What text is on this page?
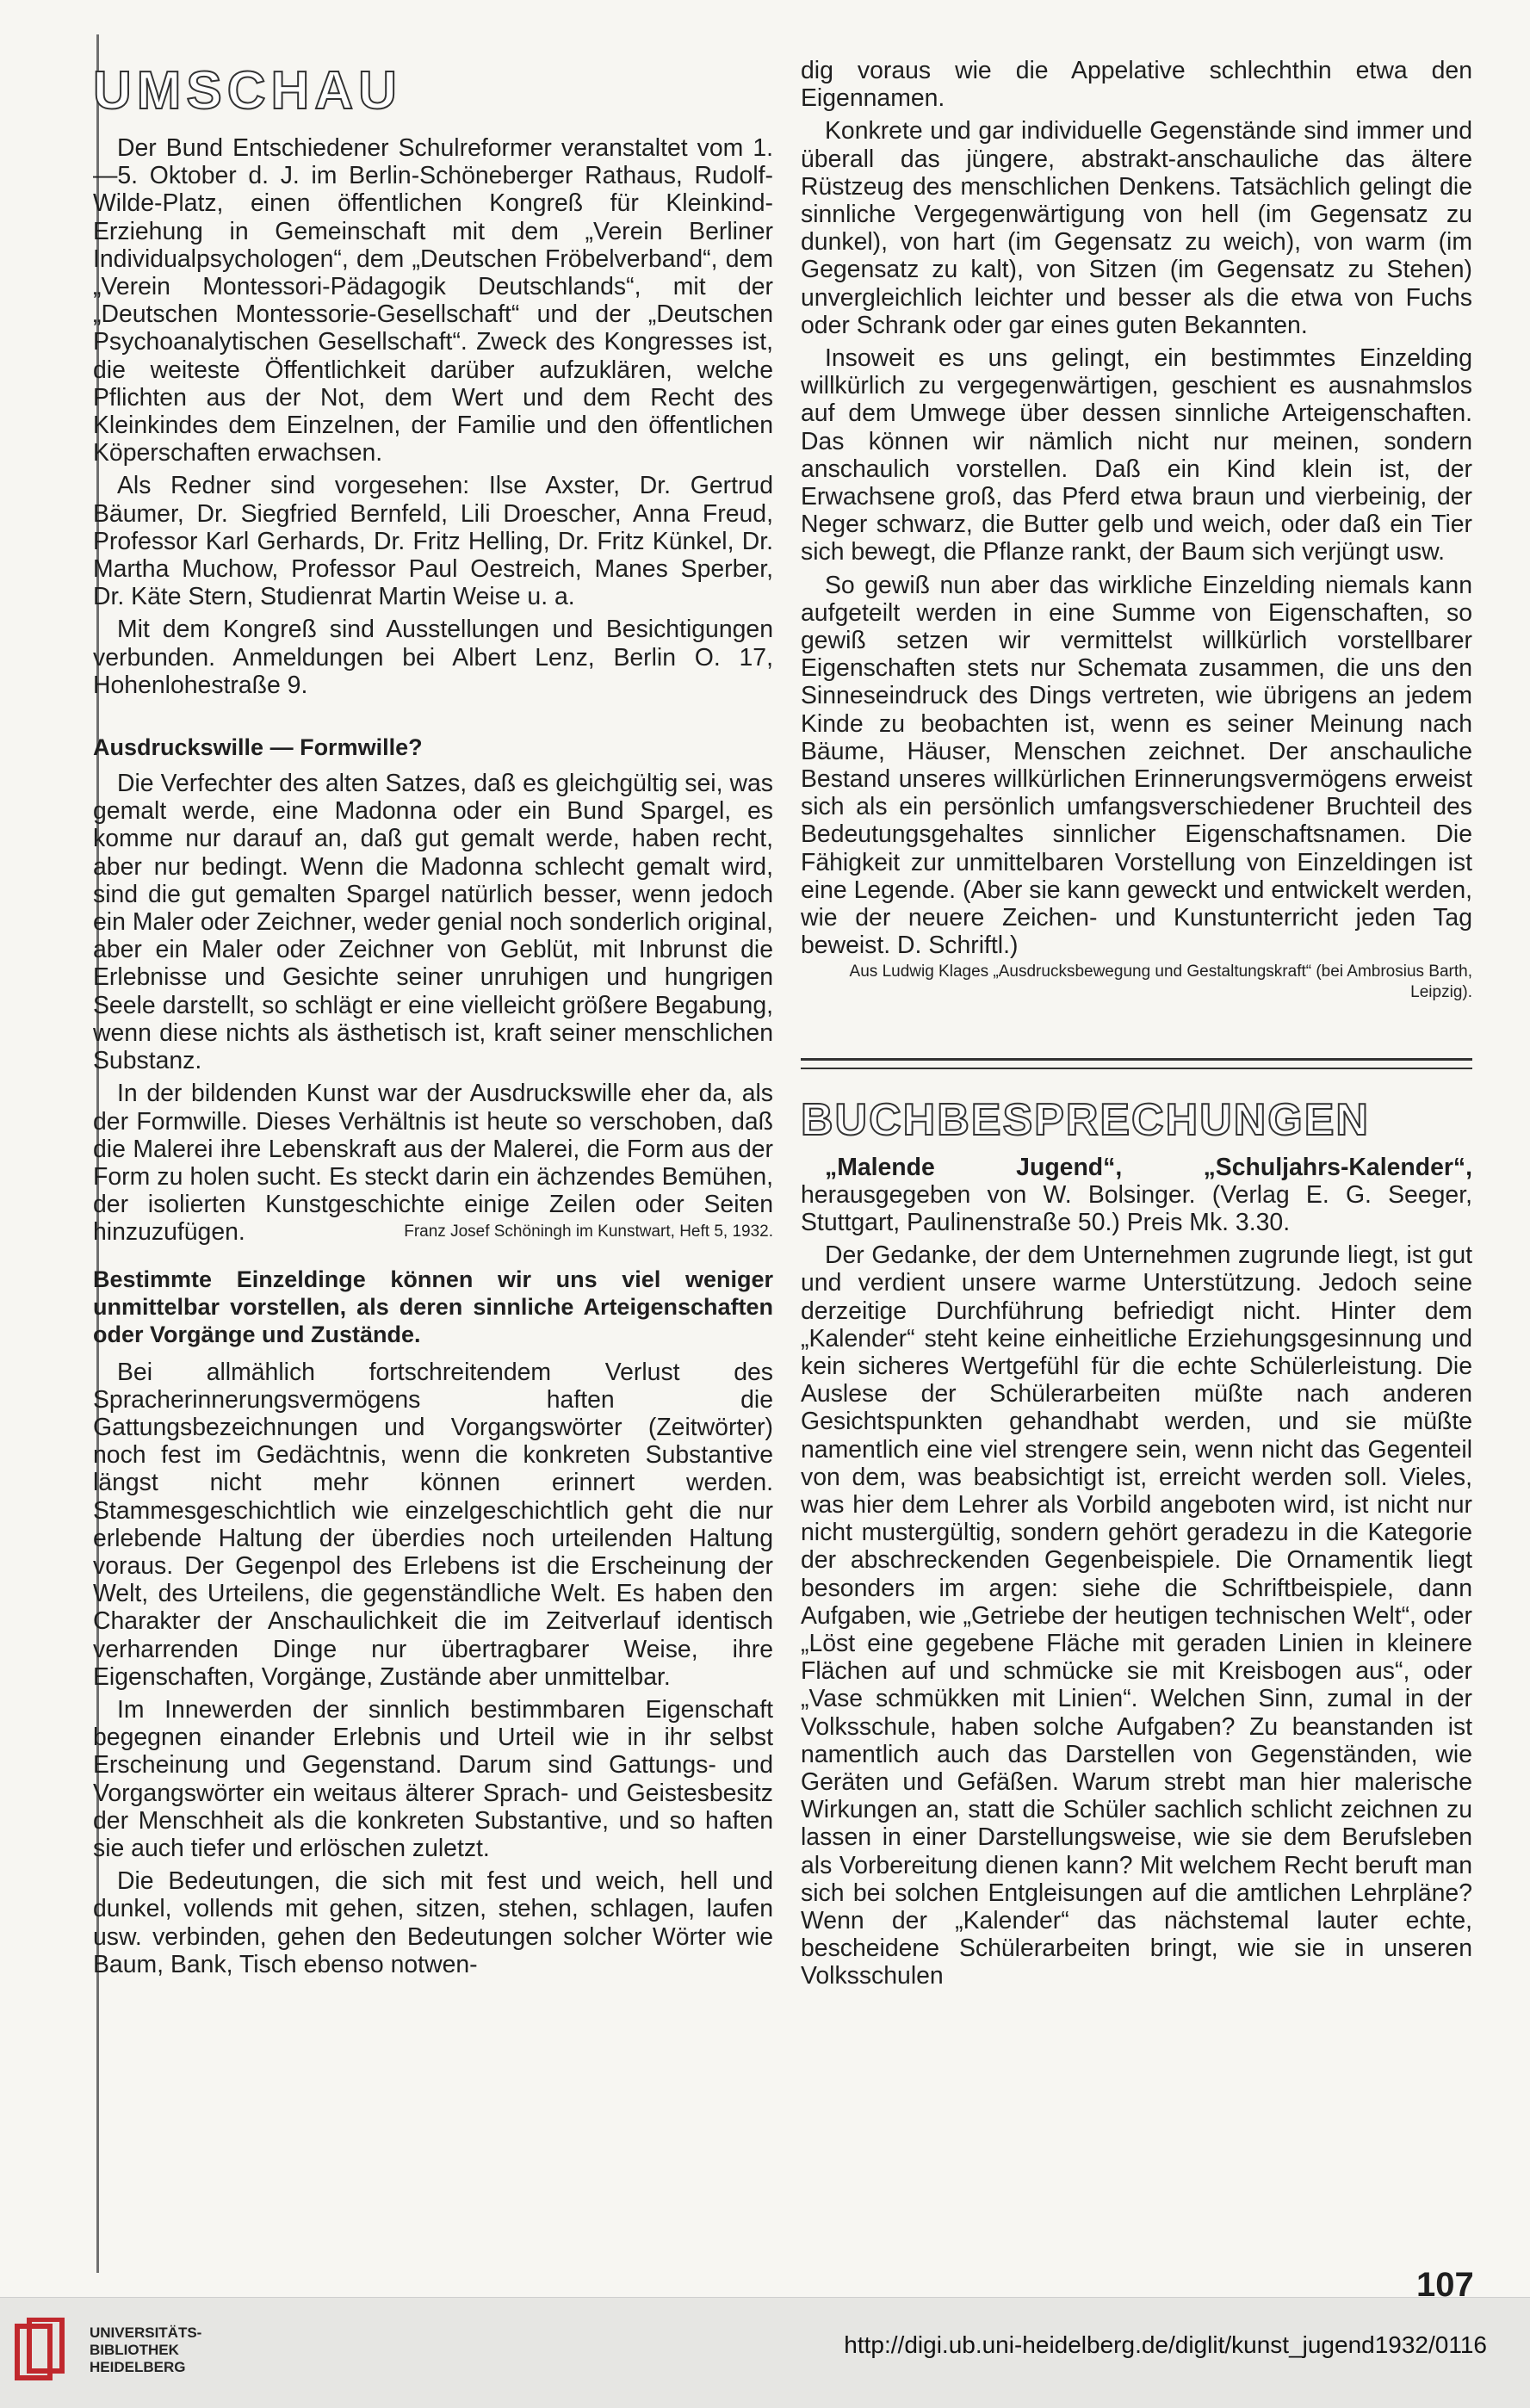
UMSCHAU

Der Bund Entschiedener Schulreformer veranstaltet vom 1.—5. Oktober d. J. im Berlin-Schöneberger Rathaus, Rudolf-Wilde-Platz, einen öffentlichen Kongreß für Kleinkind-Erziehung in Gemeinschaft mit dem „Verein Berliner Individualpsychologen“, dem „Deutschen Fröbelverband“, dem „Verein Montessori-Pädagogik Deutschlands“, mit der „Deutschen Montessorie-Gesellschaft“ und der „Deutschen Psychoanalytischen Gesellschaft“. Zweck des Kongresses ist, die weiteste Öffentlichkeit darüber aufzuklären, welche Pflichten aus der Not, dem Wert und dem Recht des Kleinkindes dem Einzelnen, der Familie und den öffentlichen Köperschaften erwachsen.

Als Redner sind vorgesehen: Ilse Axster, Dr. Gertrud Bäumer, Dr. Siegfried Bernfeld, Lili Droescher, Anna Freud, Professor Karl Gerhards, Dr. Fritz Helling, Dr. Fritz Künkel, Dr. Martha Muchow, Professor Paul Oestreich, Manes Sperber, Dr. Käte Stern, Studienrat Martin Weise u. a.

Mit dem Kongreß sind Ausstellungen und Besichtigungen verbunden. Anmeldungen bei Albert Lenz, Berlin O. 17, Hohenlohestraße 9.

Ausdruckswille — Formwille?

Die Verfechter des alten Satzes, daß es gleichgültig sei, was gemalt werde, eine Madonna oder ein Bund Spargel, es komme nur darauf an, daß gut gemalt werde, haben recht, aber nur bedingt. Wenn die Madonna schlecht gemalt wird, sind die gut gemalten Spargel natürlich besser, wenn jedoch ein Maler oder Zeichner, weder genial noch sonderlich original, aber ein Maler oder Zeichner von Geblüt, mit Inbrunst die Erlebnisse und Gesichte seiner unruhigen und hungrigen Seele darstellt, so schlägt er eine vielleicht größere Begabung, wenn diese nichts als ästhetisch ist, kraft seiner menschlichen Substanz.

In der bildenden Kunst war der Ausdruckswille eher da, als der Formwille. Dieses Verhältnis ist heute so verschoben, daß die Malerei ihre Lebenskraft aus der Malerei, die Form aus der Form zu holen sucht. Es steckt darin ein ächzendes Bemühen, der isolierten Kunstgeschichte einige Zeilen oder Seiten hinzuzufügen.	Franz Josef Schöningh im Kunstwart, Heft 5, 1932.

Bestimmte Einzeldinge können wir uns viel weniger unmittelbar vorstellen, als deren sinnliche Arteigenschaften oder Vorgänge und Zustände.

Bei allmählich fortschreitendem Verlust des Spracherinnerungsvermögens haften die Gattungsbezeichnungen und Vorgangswörter (Zeitwörter) noch fest im Gedächtnis, wenn die konkreten Substantive längst nicht mehr können erinnert werden. Stammesgeschichtlich wie einzelgeschichtlich geht die nur erlebende Haltung der überdies noch urteilenden Haltung voraus. Der Gegenpol des Erlebens ist die Erscheinung der Welt, des Urteilens, die gegenständliche Welt. Es haben den Charakter der Anschaulichkeit die im Zeitverlauf identisch verharrenden Dinge nur übertragbarer Weise, ihre Eigenschaften, Vorgänge, Zustände aber unmittelbar.

Im Innewerden der sinnlich bestimmbaren Eigenschaft begegnen einander Erlebnis und Urteil wie in ihr selbst Erscheinung und Gegenstand. Darum sind Gattungs- und Vorgangswörter ein weitaus älterer Sprach- und Geistesbesitz der Menschheit als die konkreten Substantive, und so haften sie auch tiefer und erlöschen zuletzt.

Die Bedeutungen, die sich mit fest und weich, hell und dunkel, vollends mit gehen, sitzen, stehen, schlagen, laufen usw. verbinden, gehen den Bedeutungen solcher Wörter wie Baum, Bank, Tisch ebenso notwen-

dig voraus wie die Appelative schlechthin etwa den Eigennamen.

Konkrete und gar individuelle Gegenstände sind immer und überall das jüngere, abstrakt-anschauliche das ältere Rüstzeug des menschlichen Denkens. Tatsächlich gelingt die sinnliche Vergegenwärtigung von hell (im Gegensatz zu dunkel), von hart (im Gegensatz zu weich), von warm (im Gegensatz zu kalt), von Sitzen (im Gegensatz zu Stehen) unvergleichlich leichter und besser als die etwa von Fuchs oder Schrank oder gar eines guten Bekannten.

Insoweit es uns gelingt, ein bestimmtes Einzelding willkürlich zu vergegenwärtigen, geschient es ausnahmslos auf dem Umwege über dessen sinnliche Arteigenschaften. Das können wir nämlich nicht nur meinen, sondern anschaulich vorstellen. Daß ein Kind klein ist, der Erwachsene groß, das Pferd etwa braun und vierbeinig, der Neger schwarz, die Butter gelb und weich, oder daß ein Tier sich bewegt, die Pflanze rankt, der Baum sich verjüngt usw.

So gewiß nun aber das wirkliche Einzelding niemals kann aufgeteilt werden in eine Summe von Eigenschaften, so gewiß setzen wir vermittelst willkürlich vorstellbarer Eigenschaften stets nur Schemata zusammen, die uns den Sinneseindruck des Dings vertreten, wie übrigens an jedem Kinde zu beobachten ist, wenn es seiner Meinung nach Bäume, Häuser, Menschen zeichnet. Der anschauliche Bestand unseres willkürlichen Erinnerungsvermögens erweist sich als ein persönlich umfangsverschiedener Bruchteil des Bedeutungsgehaltes sinnlicher Eigenschaftsnamen. Die Fähigkeit zur unmittelbaren Vorstellung von Einzeldingen ist eine Legende. (Aber sie kann geweckt und entwickelt werden, wie der neuere Zeichen- und Kunstunterricht jeden Tag beweist. D. Schriftl.)

Aus Ludwig Klages „Ausdrucksbewegung und Gestaltungskraft“ (bei Ambrosius Barth, Leipzig).
BUCHBESPRECHUNGEN

„Malende Jugend“, „Schuljahrs-Kalender“, herausgegeben von W. Bolsinger. (Verlag E. G. Seeger, Stuttgart, Paulinenstraße 50.) Preis Mk. 3.30.

Der Gedanke, der dem Unternehmen zugrunde liegt, ist gut und verdient unsere warme Unterstützung. Jedoch seine derzeitige Durchführung befriedigt nicht. Hinter dem „Kalender“ steht keine einheitliche Erziehungsgesinnung und kein sicheres Wertgefühl für die echte Schülerleistung. Die Auslese der Schülerarbeiten müßte nach anderen Gesichtspunkten gehandhabt werden, und sie müßte namentlich eine viel strengere sein, wenn nicht das Gegenteil von dem, was beabsichtigt ist, erreicht werden soll. Vieles, was hier dem Lehrer als Vorbild angeboten wird, ist nicht nur nicht mustergültig, sondern gehört geradezu in die Kategorie der abschreckenden Gegenbeispiele. Die Ornamentik liegt besonders im argen: siehe die Schriftbeispiele, dann Aufgaben, wie „Getriebe der heutigen technischen Welt“, oder „Löst eine gegebene Fläche mit geraden Linien in kleinere Flächen auf und schmücke sie mit Kreisbogen aus“, oder „Vase schmükken mit Linien“. Welchen Sinn, zumal in der Volksschule, haben solche Aufgaben? Zu beanstanden ist namentlich auch das Darstellen von Gegenständen, wie Geräten und Gefäßen. Warum strebt man hier malerische Wirkungen an, statt die Schüler sachlich schlicht zeichnen zu lassen in einer Darstellungsweise, wie sie dem Berufsleben als Vorbereitung dienen kann? Mit welchem Recht beruft man sich bei solchen Entgleisungen auf die amtlichen Lehrpläne? Wenn der „Kalender“ das nächstemal lauter echte, bescheidene Schülerarbeiten bringt, wie sie in unseren Volksschulen

107
UNIVERSITÄTS-
BIBLIOTHEK
HEIDELBERG
http://digi.ub.uni-heidelberg.de/diglit/kunst_jugend1932/0116
